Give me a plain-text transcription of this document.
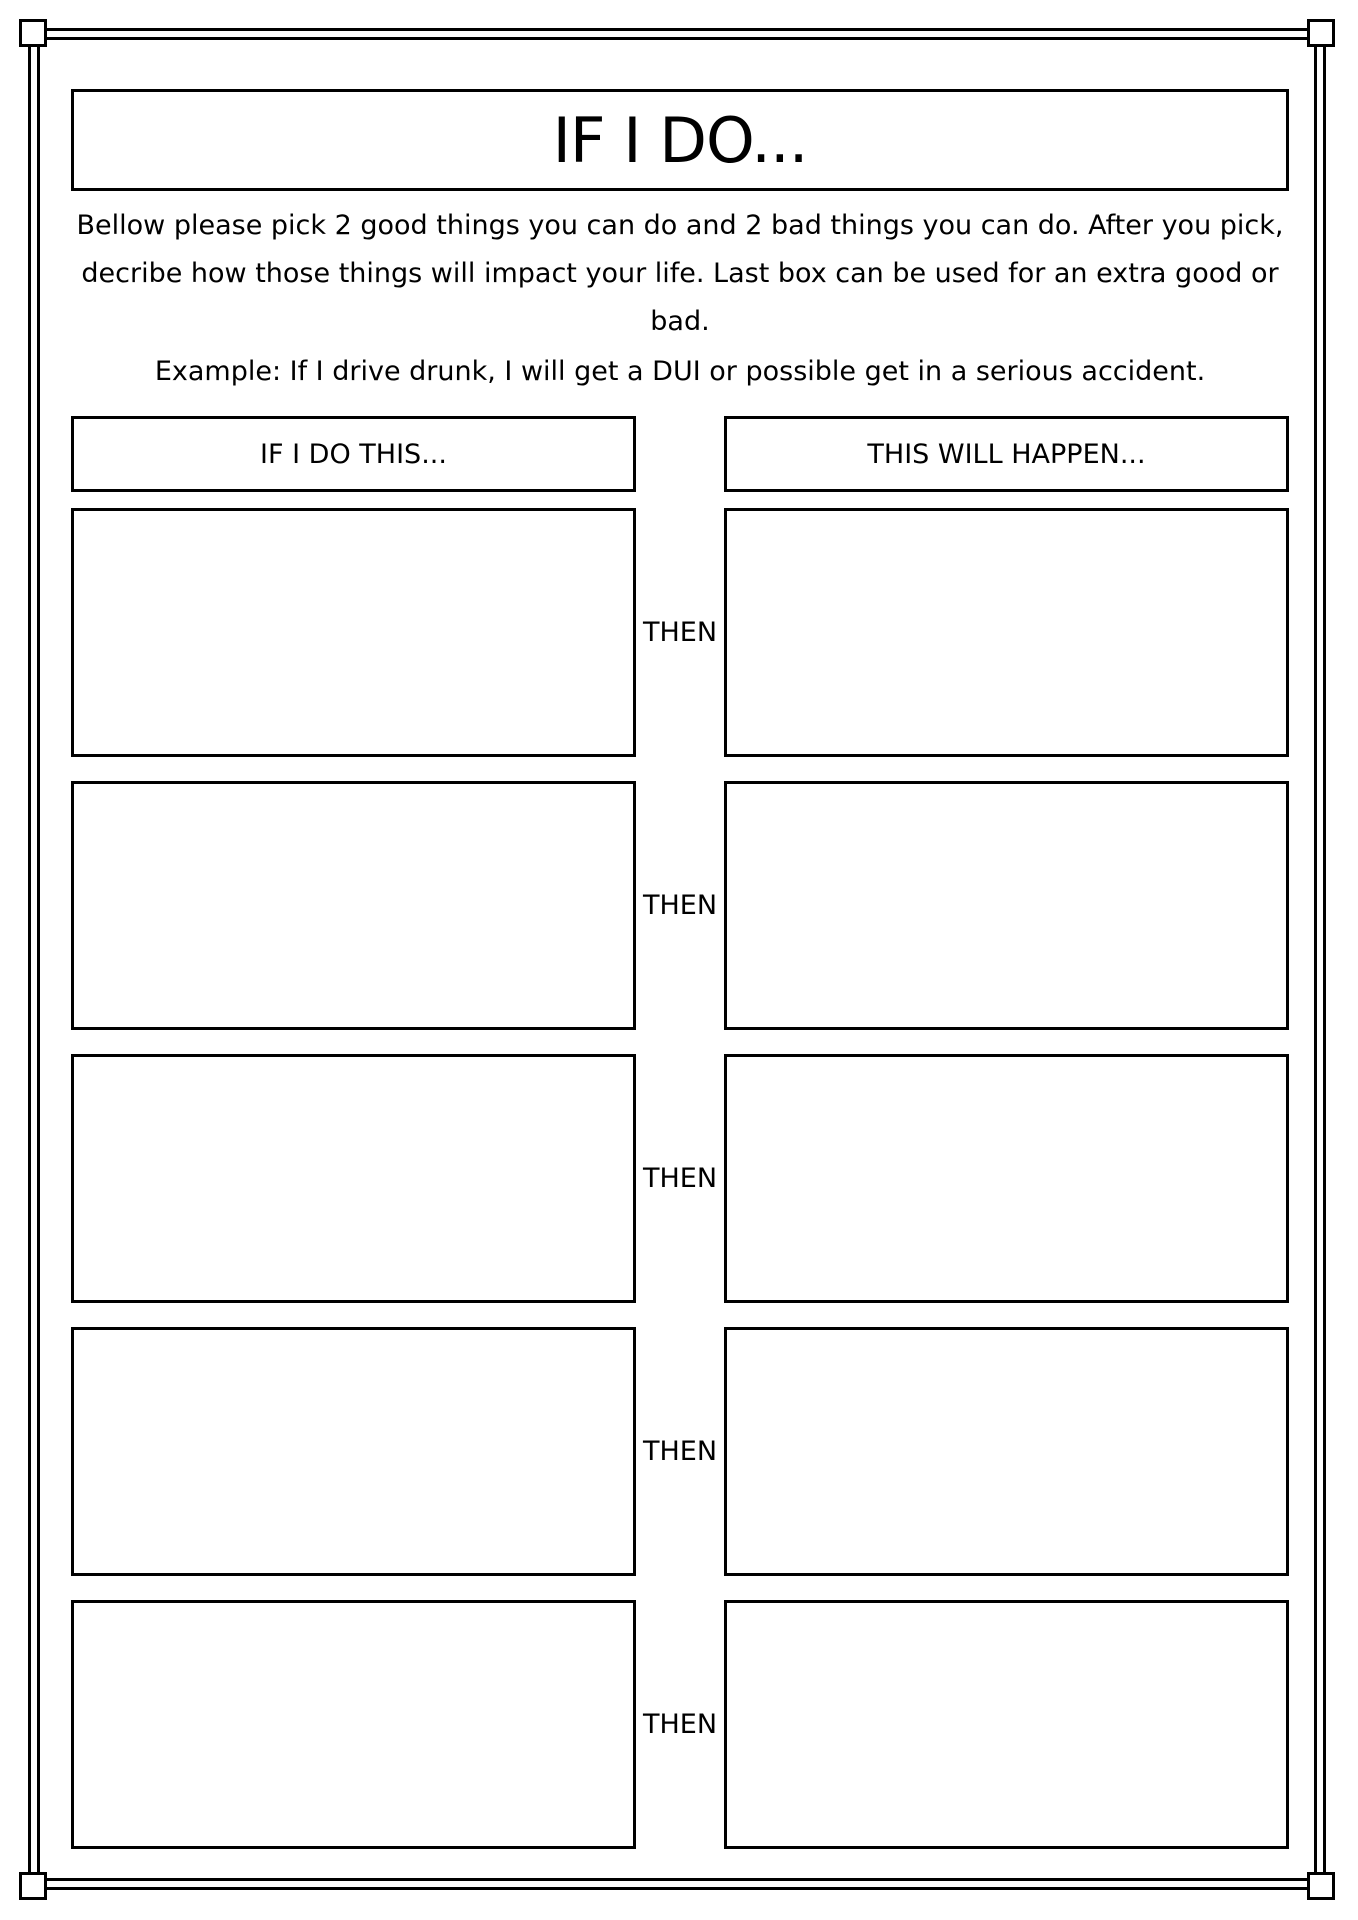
IF I DO...
Bellow please pick 2 good things you can do and 2 bad things you can do. After you pick,
decribe how those things will impact your life. Last box can be used for an extra good or bad.
Example: If I drive drunk, I will get a DUI or possible get in a serious accident.
IF I DO THIS...	THIS WILL HAPPEN...
THEN
THEN
THEN
THEN
THEN
